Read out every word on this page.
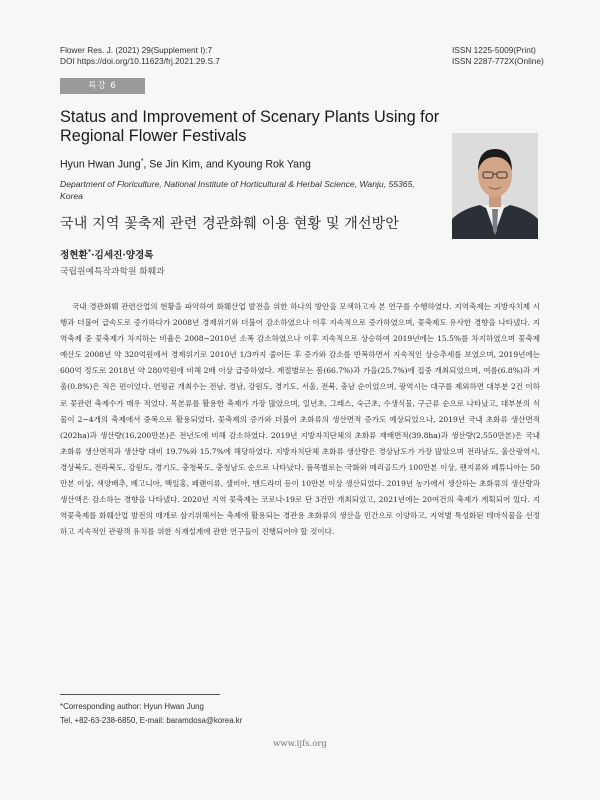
Flower Res. J. (2021) 29(Supplement I):7
DOI https://doi.org/10.11623/frj.2021.29.S.7
ISSN 1225-5009(Print)
ISSN 2287-772X(Online)
특강 6
Status and Improvement of Scenary Plants Using for Regional Flower Festivals
Hyun Hwan Jung*, Se Jin Kim, and Kyoung Rok Yang
Department of Floriculture, National Institute of Horticultural & Herbal Science, Wanju, 55365, Korea
국내 지역 꽃축제 관련 경관화훼 이용 현황 및 개선방안
정현환*·김세진·양경록
국립원예특작과학원 화훼과

국내 경관화훼 관련산업의 현황을 파악하여 화훼산업 발전을 위한 하나의 방안을 모색하고자 본 연구를 수행하였다. 지역축제는 지방자치제 시행과 더불어 급속도로 증가하다가 2008년 경제위기와 더불어 감소하였으나 이후 지속적으로 증가하였으며, 꽃축제도 유사한 경향을 나타냈다. 지역축제 중 꽃축제가 차지하는 비율은 2008~2010년 소폭 감소하였으나 이후 지속적으로 상승하여 2019년에는 15.5%를 차지하였으며 꽃축제 예산도 2008년 약 320억원에서 경제위기로 2010년 1/3까지 줄어든 후 증가와 감소를 반복하면서 지속적인 상승추세를 보였으며, 2019년에는 600억 정도로 2018년 약 280억원에 비해 2배 이상 급증하였다. 계절별로는 봄(66.7%)과 가을(25.7%)에 집중 개최되었으며, 여름(6.8%)과 겨울(0.8%)은 적은 편이었다. 연평균 개최수는 전남, 경남, 강원도, 경기도, 서울, 전북, 충남 순이었으며, 광역시는 대구를 제외하면 대부분 2건 이하로 꽃관련 축제수가 매우 적었다. 목본류를 활용한 축제가 가장 많았으며, 일년초, 그래스, 숙근초, 수생식물, 구근류 순으로 나타났고, 대부분의 식물이 2~4개의 축제에서 중복으로 활용되었다. 꽃축제의 증가와 더불어 초화류의 생산면적 증가도 예상되었으나, 2019년 국내 초화류 생산면적(202ha)과 생산량(16,200만본)은 전년도에 비해 감소하였다. 2019년 지방자치단체의 초화류 재배면적(39.8ha)과 생산량(2,550만본)은 국내 초화류 생산면적과 생산량 대비 19.7%와 15.7%에 해당하였다. 지방자치단체 초화류 생산량은 경상남도가 가장 많았으며 전라남도, 울산광역시, 경상북도, 전라북도, 강원도, 경기도, 충청북도, 충청남도 순으로 나타났다. 품목별로는 국화와 메리골드가 100만본 이상, 팬지류와 페튜니아는 50만본 이상, 색양배추, 베고니아, 백일홍, 페랜이류, 샐비아, 맨드라미 등이 10만본 이상 생산되었다. 2019년 농가에서 생산하는 초화류의 생산량과 생산액은 감소하는 경향을 나타냈다. 2020년 지역 꽃축제는 코로나-19로 단 3건만 개최되었고, 2021년에는 20여건의 축제가 계획되어 있다. 지역꽃축제를 화훼산업 발전의 매개로 삼기위해서는 축제에 활용되는 경관용 초화류의 생산을 민간으로 이양하고, 지역별 특성화된 테마식물을 선정하고 지속적인 관광객 유치를 위한 식재설계에 관한 연구들이 진행되어야 할 것이다.

*Corresponding author: Hyun Hwan Jung
Tel, +82-63-238-6850, E-mail: baramdosa@korea.kr
www.ijfs.org
